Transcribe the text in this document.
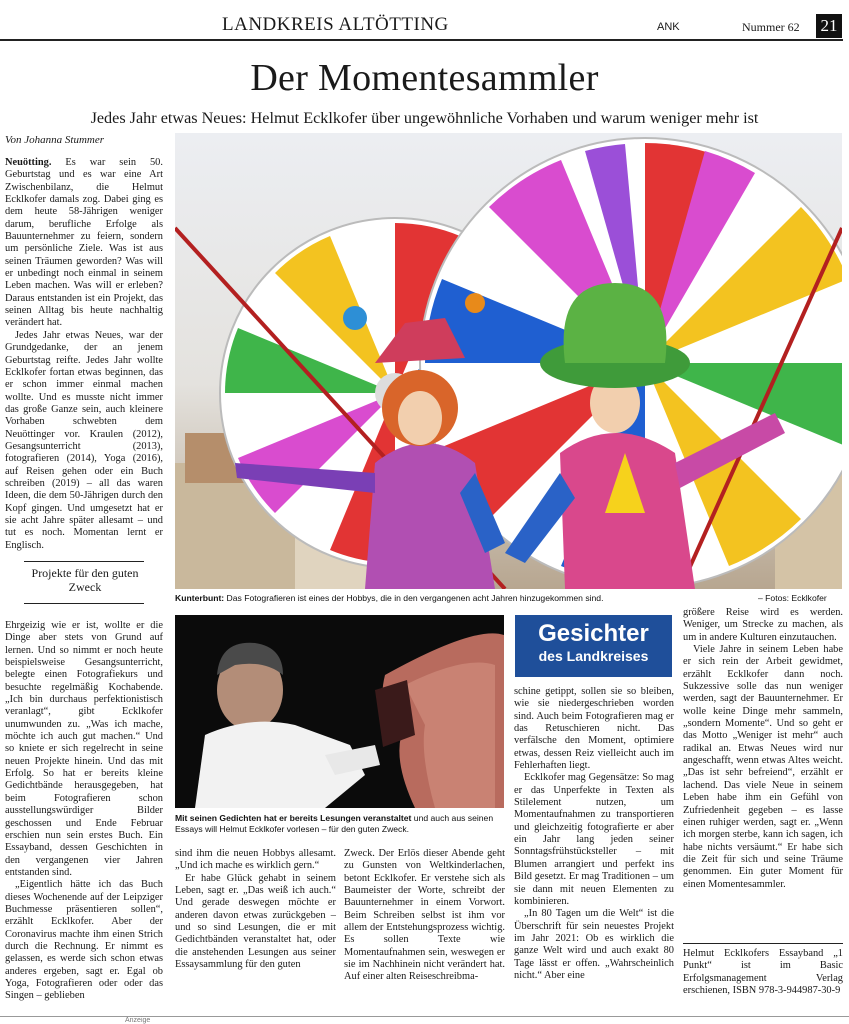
LANDKREIS ALTÖTTING	ANK	Nummer 62 21
Der Momentesammler
Jedes Jahr etwas Neues: Helmut Ecklkofer über ungewöhnliche Vorhaben und warum weniger mehr ist
Von Johanna Stummer

Neuötting. Es war sein 50. Geburtstag und es war eine Art Zwischenbilanz, die Helmut Ecklkofer damals zog. Dabei ging es dem heute 58-Jährigen weniger darum, berufliche Erfolge als Bauunternehmer zu feiern, sondern um persönliche Ziele. Was ist aus seinen Träumen geworden? Was will er unbedingt noch einmal in seinem Leben machen. Was will er erleben? Daraus entstanden ist ein Projekt, das seinen Alltag bis heute nachhaltig verändert hat.

Jedes Jahr etwas Neues, war der Grundgedanke, der an jenem Geburtstag reifte. Jedes Jahr wollte Ecklkofer fortan etwas beginnen, das er schon immer einmal machen wollte. Und es musste nicht immer das große Ganze sein, auch kleinere Vorhaben schwebten dem Neuöttinger vor. Kraulen (2012), Gesangsunterricht (2013), fotografieren (2014), Yoga (2016), auf Reisen gehen oder ein Buch schreiben (2019) – all das waren Ideen, die dem 50-Jährigen durch den Kopf gingen. Und umgesetzt hat er sie acht Jahre später allesamt – und tut es noch. Momentan lernt er Englisch.

Projekte für den guten Zweck

Ehrgeizig wie er ist, wollte er die Dinge aber stets von Grund auf lernen. Und so nimmt er noch heute beispielsweise Gesangsunterricht, belegte einen Fotografiekurs und besuchte regelmäßig Kochabende. „Ich bin durchaus perfektionistisch veranlagt“, gibt Ecklkofer unumwunden zu. „Was ich mache, möchte ich auch gut machen.“ Und so kniete er sich regelrecht in seine neuen Projekte hinein. Und das mit Erfolg. So hat er bereits kleine Gedichtbände herausgegeben, hat beim Fotografieren schon ausstellungswürdiger Bilder geschossen und Ende Februar erschien nun sein erstes Buch. Ein Essayband, dessen Geschichten in den vergangenen vier Jahren entstanden sind.

„Eigentlich hätte ich das Buch dieses Wochenende auf der Leipziger Buchmesse präsentieren sollen“, erzählt Ecklkofer. Aber der Coronavirus machte ihm einen Strich durch die Rechnung. Er nimmt es gelassen, es werde sich schon etwas anderes ergeben, sagt er. Egal ob Yoga, Fotografieren oder oder das Singen – geblieben

Kunterbunt: Das Fotografieren ist eines der Hobbys, die in den vergangenen acht Jahren hinzugekommen sind.	– Fotos: Ecklkofer
Mit seinen Gedichten hat er bereits Lesungen veranstaltet und auch aus seinen Essays will Helmut Ecklkofer vorlesen – für den guten Zweck.
Gesichter
des Landkreises

sind ihm die neuen Hobbys allesamt. „Und ich mache es wirklich gern.“

Er habe Glück gehabt in seinem Leben, sagt er. „Das weiß ich auch.“ Und gerade deswegen möchte er anderen davon etwas zurückgeben – und so sind Lesungen, die er mit Gedichtbänden veranstaltet hat, oder die anstehenden Lesungen aus seiner Essaysammlung für den guten

Zweck. Der Erlös dieser Abende geht zu Gunsten von Weltkinderlachen, betont Ecklkofer. Er verstehe sich als Baumeister der Worte, schreibt der Bauunternehmer in einem Vorwort. Beim Schreiben selbst ist ihm vor allem der Entstehungsprozess wichtig. Es sollen Texte wie Momentaufnahmen sein, weswegen er sie im Nachhinein nicht verändert hat. Auf einer alten Reiseschreibma-

schine getippt, sollen sie so bleiben, wie sie niedergeschrieben worden sind. Auch beim Fotografieren mag er das Retuschieren nicht. Das verfälsche den Moment, optimiere etwas, dessen Reiz vielleicht auch im Fehlerhaften liegt.

Ecklkofer mag Gegensätze: So mag er das Unperfekte in Texten als Stilelement nutzen, um Momentaufnahmen zu transportieren und gleichzeitig fotografierte er aber ein Jahr lang jeden seiner Sonntagsfrühstücksteller – mit Blumen arrangiert und perfekt ins Bild gesetzt. Er mag Traditionen – um sie dann mit neuen Elementen zu kombinieren.

„In 80 Tagen um die Welt“ ist die Überschrift für sein neuestes Projekt im Jahr 2021: Ob es wirklich die ganze Welt wird und auch exakt 80 Tage lässt er offen. „Wahrscheinlich nicht.“ Aber eine

größere Reise wird es werden. Weniger, um Strecke zu machen, als um in andere Kulturen einzutauchen.

Viele Jahre in seinem Leben habe er sich rein der Arbeit gewidmet, erzählt Ecklkofer dann noch. Sukzessive solle das nun weniger werden, sagt der Bauunternehmer. Er wolle keine Dinge mehr sammeln, „sondern Momente“. Und so geht er das Motto „Weniger ist mehr“ auch radikal an. Etwas Neues wird nur angeschafft, wenn etwas Altes weicht. „Das ist sehr befreiend“, erzählt er lachend. Das viele Neue in seinem Leben habe ihm ein Gefühl von Zufriedenheit gegeben – es lasse einen ruhiger werden, sagt er. „Wenn ich morgen sterbe, kann ich sagen, ich habe nichts versäumt.“ Er habe sich die Zeit für sich und seine Träume genommen. Ein guter Moment für einen Momentesammler.

Helmut Ecklkofers Essayband „1 Punkt“ ist im Basic Erfolgsmanagement Verlag erschienen, ISBN 978-3-944987-30-9
Anzeige
